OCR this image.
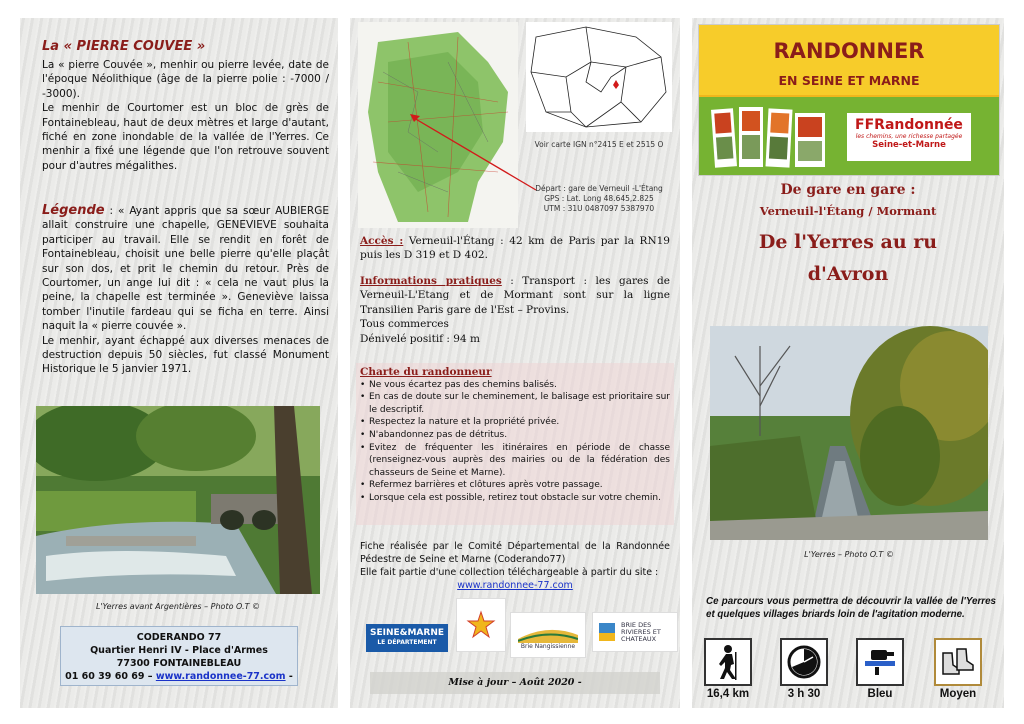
La « PIERRE COUVEE »
La « pierre Couvée », menhir ou pierre levée, date de l'époque Néolithique (âge de la pierre polie : -7000 / -3000).
Le menhir de Courtomer est un bloc de grès de Fontainebleau, haut de deux mètres et large d'autant, fiché en zone inondable de la vallée de l'Yerres. Ce menhir a fixé une légende que l'on retrouve souvent pour d'autres mégalithes.
Légende : « Ayant appris que sa sœur AUBIERGE allait construire une chapelle, GENEVIEVE souhaita participer au travail. Elle se rendit en forêt de Fontainebleau, choisit une belle pierre qu'elle plaçât sur son dos, et prit le chemin du retour. Près de Courtomer, un ange lui dit : « cela ne vaut plus la peine, la chapelle est terminée ». Geneviève laissa tomber l'inutile fardeau qui se ficha en terre. Ainsi naquit la « pierre couvée ».
Le menhir, ayant échappé aux diverses menaces de destruction depuis 50 siècles, fut classé Monument Historique le 5 janvier 1971.
L'Yerres avant Argentières – Photo O.T ©
CODERANDO 77
Quartier Henri IV - Place d'Armes
77300 FONTAINEBLEAU
01 60 39 60 69 – www.randonnee-77.com -
Voir carte IGN n°2415 E et 2515 O
Départ : gare de Verneuil -L'Étang
GPS : Lat. Long 48.645,2.825
UTM : 31U 0487097 5387970
Accès : Verneuil-l'Étang : 42 km de Paris par la RN19 puis les D 319 et D 402.
Informations pratiques : Transport : les gares de Verneuil-L'Etang et de Mormant sont sur la ligne Transilien Paris gare de l'Est – Provins.
Tous commerces
Dénivelé positif : 94 m
Charte du randonneur
• Ne vous écartez pas des chemins balisés.
• En cas de doute sur le cheminement, le balisage est prioritaire sur le descriptif.
• Respectez la nature et la propriété privée.
• N'abandonnez pas de détritus.
• Evitez de fréquenter les itinéraires en période de chasse (renseignez-vous auprès des mairies ou de la fédération des chasseurs de Seine et Marne).
• Refermez barrières et clôtures après votre passage.
• Lorsque cela est possible, retirez tout obstacle sur votre chemin.
Fiche réalisée par le Comité Départemental de la Randonnée Pédestre de Seine et Marne (Coderando77)
Elle fait partie d'une collection téléchargeable à partir du site :
www.randonnee-77.com
SEINE&MARNE
LE DÉPARTEMENT	Brie Nangissienne
BRIE DES RIVIERES ET CHATEAUX
Mise à jour – Août 2020 -
RANDONNER
EN SEINE ET MARNE
FFRandonnée
les chemins, une richesse partagée
Seine-et-Marne
De gare en gare :
Verneuil-l'Étang / Mormant
De l'Yerres au ru d'Avron
L'Yerres – Photo O.T ©
Ce parcours vous permettra de découvrir la vallée de l'Yerres et quelques villages briards loin de l'agitation moderne.
16,4 km	3 h 30	Bleu	Moyen
